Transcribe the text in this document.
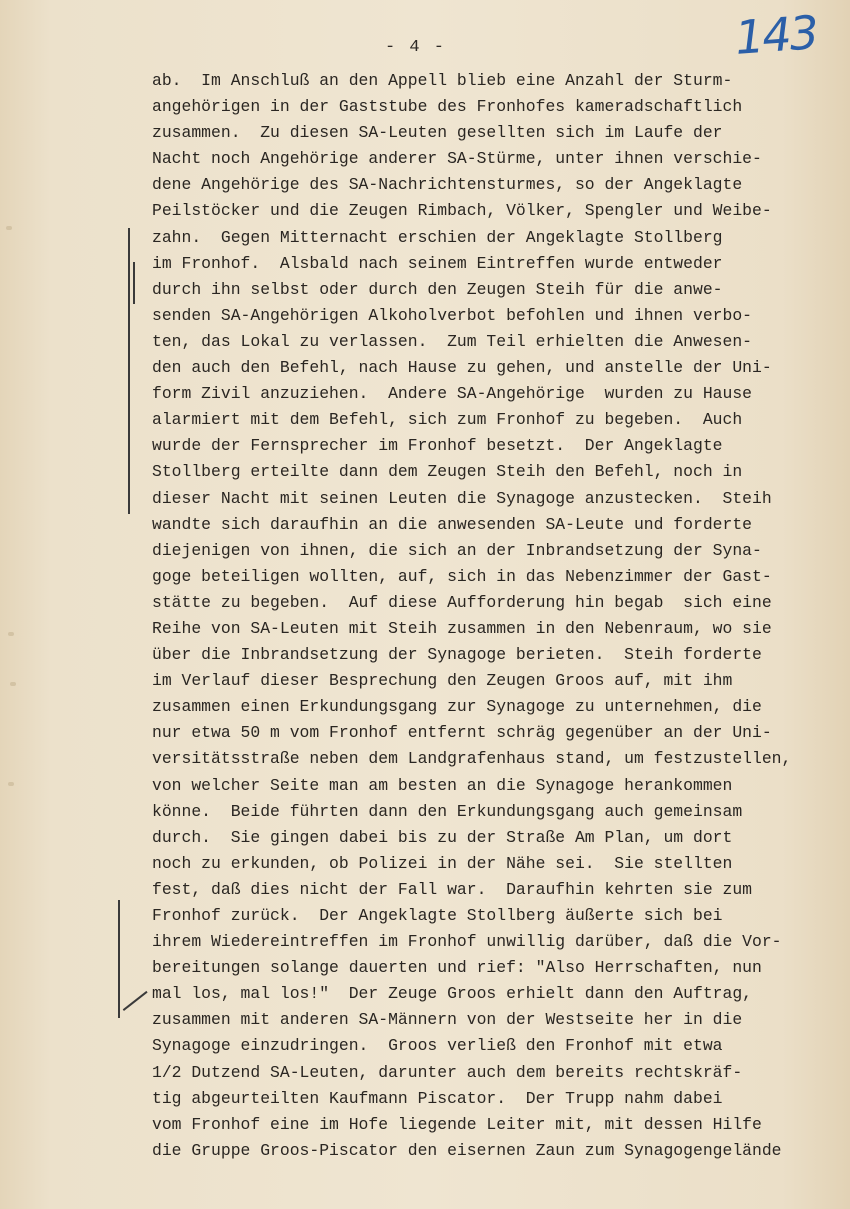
- 4 -	143
ab.  Im Anschluß an den Appell blieb eine Anzahl der Sturm-
angehörigen in der Gaststube des Fronhofes kameradschaftlich
zusammen.  Zu diesen SA-Leuten gesellten sich im Laufe der
Nacht noch Angehörige anderer SA-Stürme, unter ihnen verschie-
dene Angehörige des SA-Nachrichtensturmes, so der Angeklagte
Peilstöcker und die Zeugen Rimbach, Völker, Spengler und Weibe-
zahn.  Gegen Mitternacht erschien der Angeklagte Stollberg
im Fronhof.  Alsbald nach seinem Eintreffen wurde entweder
durch ihn selbst oder durch den Zeugen Steih für die anwe-
senden SA-Angehörigen Alkoholverbot befohlen und ihnen verbo-
ten, das Lokal zu verlassen.  Zum Teil erhielten die Anwesen-
den auch den Befehl, nach Hause zu gehen, und anstelle der Uni-
form Zivil anzuziehen.  Andere SA-Angehörige  wurden zu Hause
alarmiert mit dem Befehl, sich zum Fronhof zu begeben.  Auch
wurde der Fernsprecher im Fronhof besetzt.  Der Angeklagte
Stollberg erteilte dann dem Zeugen Steih den Befehl, noch in
dieser Nacht mit seinen Leuten die Synagoge anzustecken.  Steih
wandte sich daraufhin an die anwesenden SA-Leute und forderte
diejenigen von ihnen, die sich an der Inbrandsetzung der Syna-
goge beteiligen wollten, auf, sich in das Nebenzimmer der Gast-
stätte zu begeben.  Auf diese Aufforderung hin begab  sich eine
Reihe von SA-Leuten mit Steih zusammen in den Nebenraum, wo sie
über die Inbrandsetzung der Synagoge berieten.  Steih forderte
im Verlauf dieser Besprechung den Zeugen Groos auf, mit ihm
zusammen einen Erkundungsgang zur Synagoge zu unternehmen, die
nur etwa 50 m vom Fronhof entfernt schräg gegenüber an der Uni-
versitätsstraße neben dem Landgrafenhaus stand, um festzustellen,
von welcher Seite man am besten an die Synagoge herankommen
könne.  Beide führten dann den Erkundungsgang auch gemeinsam
durch.  Sie gingen dabei bis zu der Straße Am Plan, um dort
noch zu erkunden, ob Polizei in der Nähe sei.  Sie stellten
fest, daß dies nicht der Fall war.  Daraufhin kehrten sie zum
Fronhof zurück.  Der Angeklagte Stollberg äußerte sich bei
ihrem Wiedereintreffen im Fronhof unwillig darüber, daß die Vor-
bereitungen solange dauerten und rief: "Also Herrschaften, nun
mal los, mal los!"  Der Zeuge Groos erhielt dann den Auftrag,
zusammen mit anderen SA-Männern von der Westseite her in die
Synagoge einzudringen.  Groos verließ den Fronhof mit etwa
1/2 Dutzend SA-Leuten, darunter auch dem bereits rechtskräf-
tig abgeurteilten Kaufmann Piscator.  Der Trupp nahm dabei
vom Fronhof eine im Hofe liegende Leiter mit, mit dessen Hilfe
die Gruppe Groos-Piscator den eisernen Zaun zum Synagogengelände
